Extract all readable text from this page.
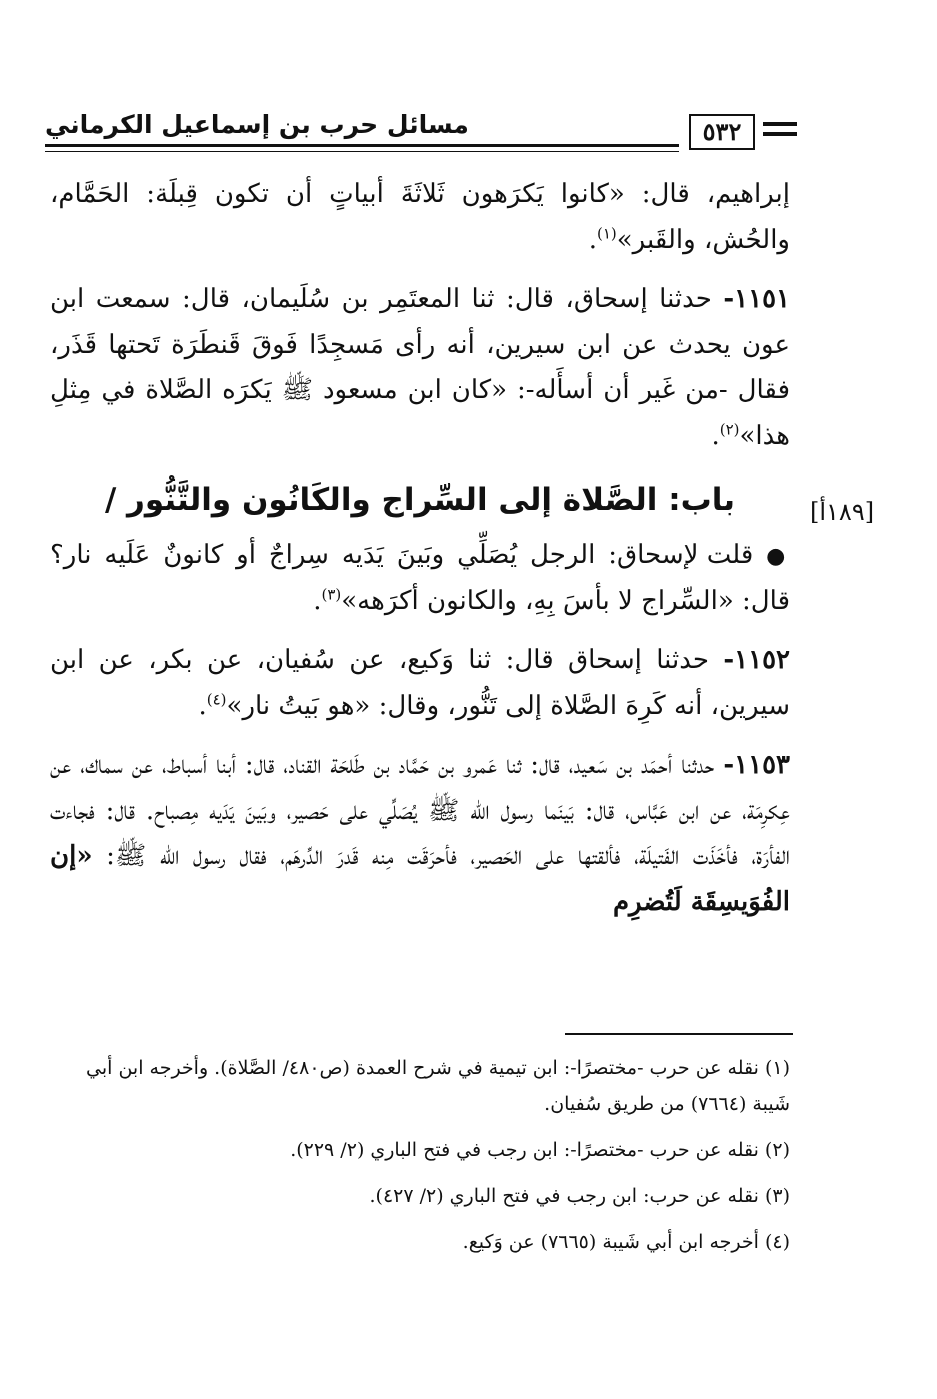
٥٣٢
مسائل حرب بن إسماعيل الكرماني
[١٨٩أ]

إبراهيم، قال: «كانوا يَكرَهون ثَلاثَةَ أبياتٍ أن تكون قِبلَة: الحَمَّام، والحُش، والقَبر»$^{(١)}$.

١١٥١- حدثنا إسحاق، قال: ثنا المعتَمِر بن سُلَيمان، قال: سمعت ابن عون يحدث عن ابن سيرين، أنه رأى مَسجِدًا فَوقَ قَنطَرَة تَحتها قَذَر، فقال -من غَير أن أسأَله-: «كان ابن مسعود ﷺ يَكرَه الصَّلاة في مِثلِ هذا»$^{(٢)}$.

باب: الصَّلاة إلى السِّراج والكَانُون والتَّنُّور /

● قلت لإسحاق: الرجل يُصَلِّي وبَينَ يَدَيه سِراجٌ أو كانونٌ عَلَيه نار؟ قال: «السِّراج لا بأسَ بِهِ، والكانون أكرَهه»$^{(٣)}$.

١١٥٢- حدثنا إسحاق قال: ثنا وَكيع، عن سُفيان، عن بكر، عن ابن سيرين، أنه كَرِهَ الصَّلاة إلى تَنُّور، وقال: «هو بَيتُ نار»$^{(٤)}$.

١١٥٣- حدثنا أحمَد بن سَعيد، قال: ثنا عَمرو بن حَمَّاد بن طَلحَة القناد، قال: أبنا أسباط، عن سماك، عن عِكرِمَة، عن ابن عَبَّاس، قال: بَينَما رسول الله ﷺ يُصَلِّي على حَصير، وبَينَ يَدَيه مِصباح. قال: فجاءت الفأرَة، فأخَذَت الفَتيلَة، فألقتها على الحَصير، فأحرَقَت مِنه قَدرَ الدِّرهَم، فقال رسول الله ﷺ: «إن الفُوَيسِقَة لَتُضرِم

(١) نقله عن حرب -مختصرًا-: ابن تيمية في شرح العمدة (ص٤٨٠/ الصَّلاة). وأخرجه ابن أبي شَيبة (٧٦٦٤) من طريق سُفيان.

(٢) نقله عن حرب -مختصرًا-: ابن رجب في فتح الباري (٢/ ٢٢٩).

(٣) نقله عن حرب: ابن رجب في فتح الباري (٢/ ٤٢٧).

(٤) أخرجه ابن أبي شَيبة (٧٦٦٥) عن وَكيع.
